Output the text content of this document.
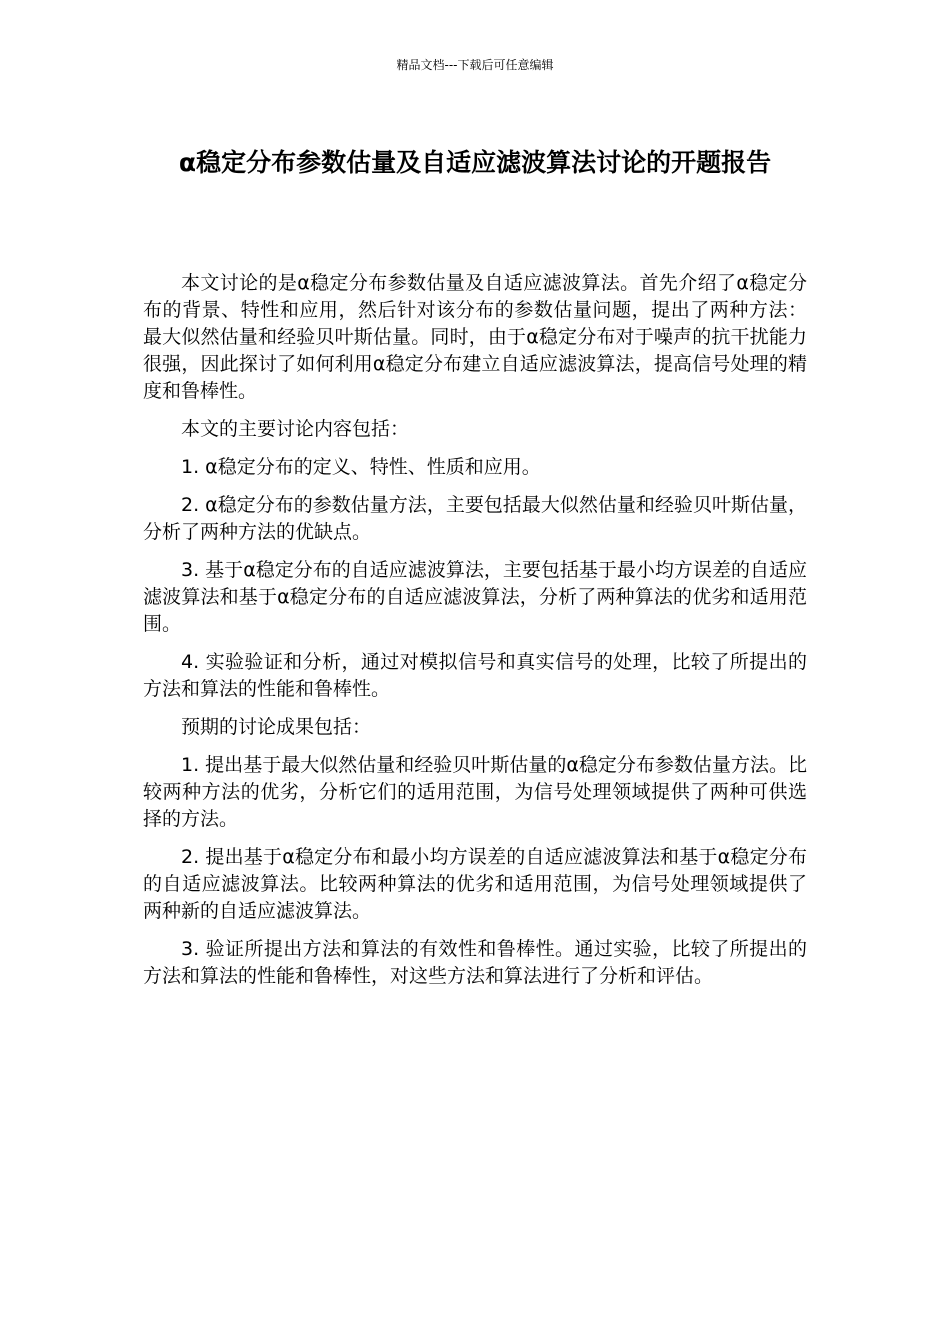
精品文档---下载后可任意编辑
α稳定分布参数估量及自适应滤波算法讨论的开题报告

本文讨论的是α稳定分布参数估量及自适应滤波算法。首先介绍了α稳定分布的背景、特性和应用，然后针对该分布的参数估量问题，提出了两种方法：最大似然估量和经验贝叶斯估量。同时，由于α稳定分布对于噪声的抗干扰能力很强，因此探讨了如何利用α稳定分布建立自适应滤波算法，提高信号处理的精度和鲁棒性。

本文的主要讨论内容包括：

1. α稳定分布的定义、特性、性质和应用。

2. α稳定分布的参数估量方法，主要包括最大似然估量和经验贝叶斯估量，分析了两种方法的优缺点。

3. 基于α稳定分布的自适应滤波算法，主要包括基于最小均方误差的自适应滤波算法和基于α稳定分布的自适应滤波算法，分析了两种算法的优劣和适用范围。

4. 实验验证和分析，通过对模拟信号和真实信号的处理，比较了所提出的方法和算法的性能和鲁棒性。

预期的讨论成果包括：

1. 提出基于最大似然估量和经验贝叶斯估量的α稳定分布参数估量方法。比较两种方法的优劣，分析它们的适用范围，为信号处理领域提供了两种可供选择的方法。

2. 提出基于α稳定分布和最小均方误差的自适应滤波算法和基于α稳定分布的自适应滤波算法。比较两种算法的优劣和适用范围，为信号处理领域提供了两种新的自适应滤波算法。

3. 验证所提出方法和算法的有效性和鲁棒性。通过实验，比较了所提出的方法和算法的性能和鲁棒性，对这些方法和算法进行了分析和评估。
